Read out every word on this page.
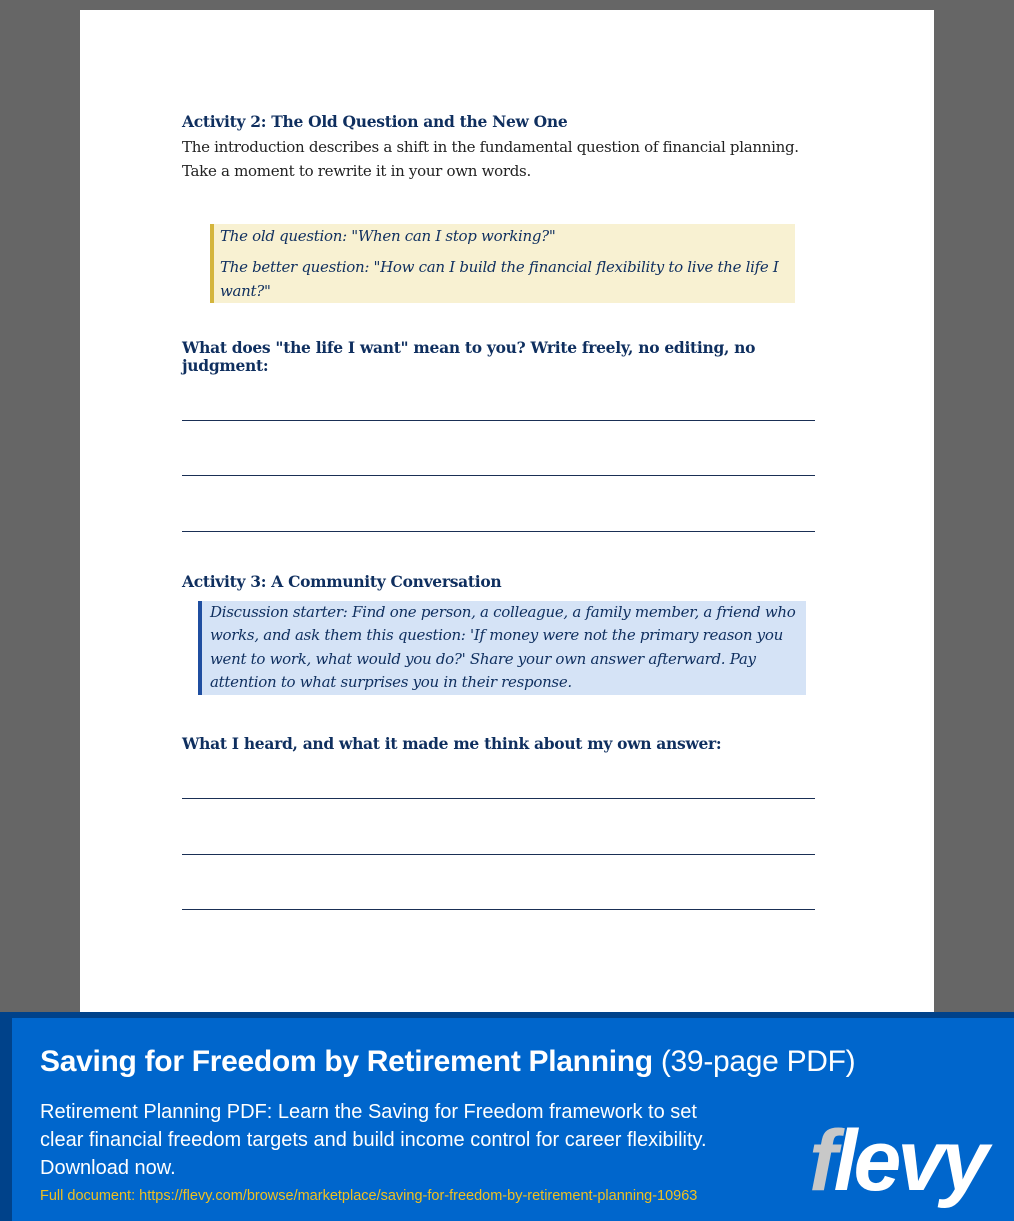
Activity 2: The Old Question and the New One
The introduction describes a shift in the fundamental question of financial planning. Take a moment to rewrite it in your own words.
The old question: "When can I stop working?"
The better question: "How can I build the financial flexibility to live the life I want?"
What does "the life I want" mean to you? Write freely, no editing, no judgment:
Activity 3: A Community Conversation
Discussion starter: Find one person, a colleague, a family member, a friend who works, and ask them this question: 'If money were not the primary reason you went to work, what would you do?' Share your own answer afterward. Pay attention to what surprises you in their response.
What I heard, and what it made me think about my own answer:
Saving for Freedom by Retirement Planning (39-page PDF)
Retirement Planning PDF: Learn the Saving for Freedom framework to set clear financial freedom targets and build income control for career flexibility. Download now.
Full document: https://flevy.com/browse/marketplace/saving-for-freedom-by-retirement-planning-10963	flevy
